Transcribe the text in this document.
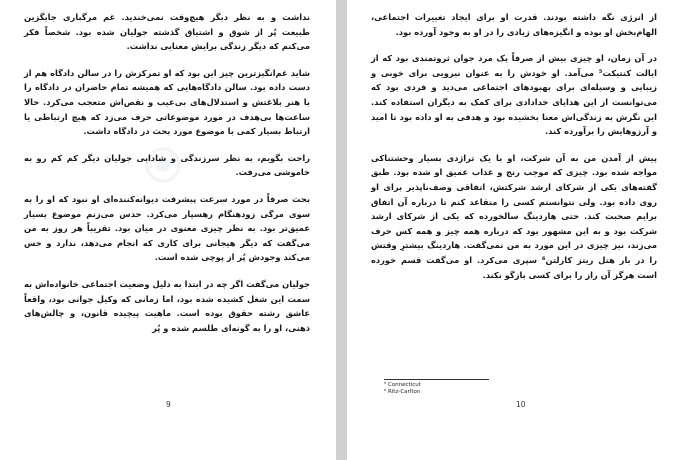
نداشت و به نظر دیگر هیچ‌وقت نمی‌خندید. غم مرگباری جایگزین طبیعت پُر از شوق و اشتیاق گذشته جولیان شده بود. شخصاً فکر می‌کنم که دیگر زندگی برایش معنایی نداشت.

شاید غم‌انگیزترین چیز این بود که او تمرکزش را در سالن دادگاه هم از دست داده بود. سالن دادگاه‌هایی که همیشه تمام حاضران در دادگاه را با هنر بلاغتش و استدلال‌های بی‌عیب و نقص‌اش متعجب می‌کرد. حالا ساعت‌ها بی‌هدف در مورد موضوعاتی حرف می‌زد که هیچ ارتباطی یا ارتباط بسیار کمی با موضوع مورد بحث در دادگاه داشت.

راحت بگویم، به نظر سرزندگی و شادابی جولیان دیگر کم کم رو به خاموشی می‌رفت.

بحث صرفاً در مورد سرعت پیشرفت دیوانه‌کننده‌ای او نبود که او را به سوی مرگی زودهنگام رهسپار می‌کرد. حدس می‌زنم موضوع بسیار عمیق‌تر بود. به نظر چیزی معنوی در میان بود. تقریباً هر روز به من می‌گفت که دیگر هیجانی برای کاری که انجام می‌دهد، ندارد و حس می‌کند وجودش پُر از پوچی شده است.

جولیان می‌گفت اگر چه در ابتدا به دلیل وضعیت اجتماعی خانواده‌اش به سمت این شغل کشیده شده بود، اما زمانی که وکیل جوانی بود، واقعاً عاشق رشته حقوق بوده است. ماهیت پیچیده قانون، و چالش‌های ذهنی، او را به گونه‌ای طلسم شده و پُر

9

از انرژی نگه داشته بودند. قدرت او برای ایجاد تغییرات اجتماعی، الهام‌بخش او بوده و انگیزه‌های زیادی را در او به وجود آورده بود.

در آن زمان، او چیزی بیش از صرفاً یک مرد جوان ثروتمندی بود که از ایالت کنتیکت⁵ می‌آمد. او خودش را به عنوان نیرویی برای خوبی و زیبایی و وسیله‌ای برای بهبودهای اجتماعی می‌دید و فردی بود که می‌توانست از این هدایای خدادادی برای کمک به دیگران استفاده کند. این نگرش به زندگی‌اش معنا بخشیده بود و هدفی به او داده بود تا امید و آرزوهایش را برآورده کند.

پیش از آمدن من به آن شرکت، او با یک تراژدی بسیار وحشتناکی مواجه شده بود. چیزی که موجب رنج و عذاب عمیق او شده بود. طبق گفته‌های یکی از شرکای ارشد شرکتش، اتفاقی وصف‌ناپذیر برای او روی داده بود. ولی نتوانستم کسی را متقاعد کنم تا درباره آن اتفاق برایم صحبت کند. حتی هاردینگ سالخورده که یکی از شرکای ارشد شرکت بود و به این مشهور بود که درباره همه چیز و همه کس حرف می‌زند، نیز چیزی در این مورد به من نمی‌گفت. هاردینگ بیشترِ وقتش را در بار هتل ریتز کارلتن⁶ سپری می‌کرد. او می‌گفت قسم خورده است هرگز آن راز را برای کسی بازگو نکند.

⁵ Connecticut
⁶ Ritz-Carlton
10
